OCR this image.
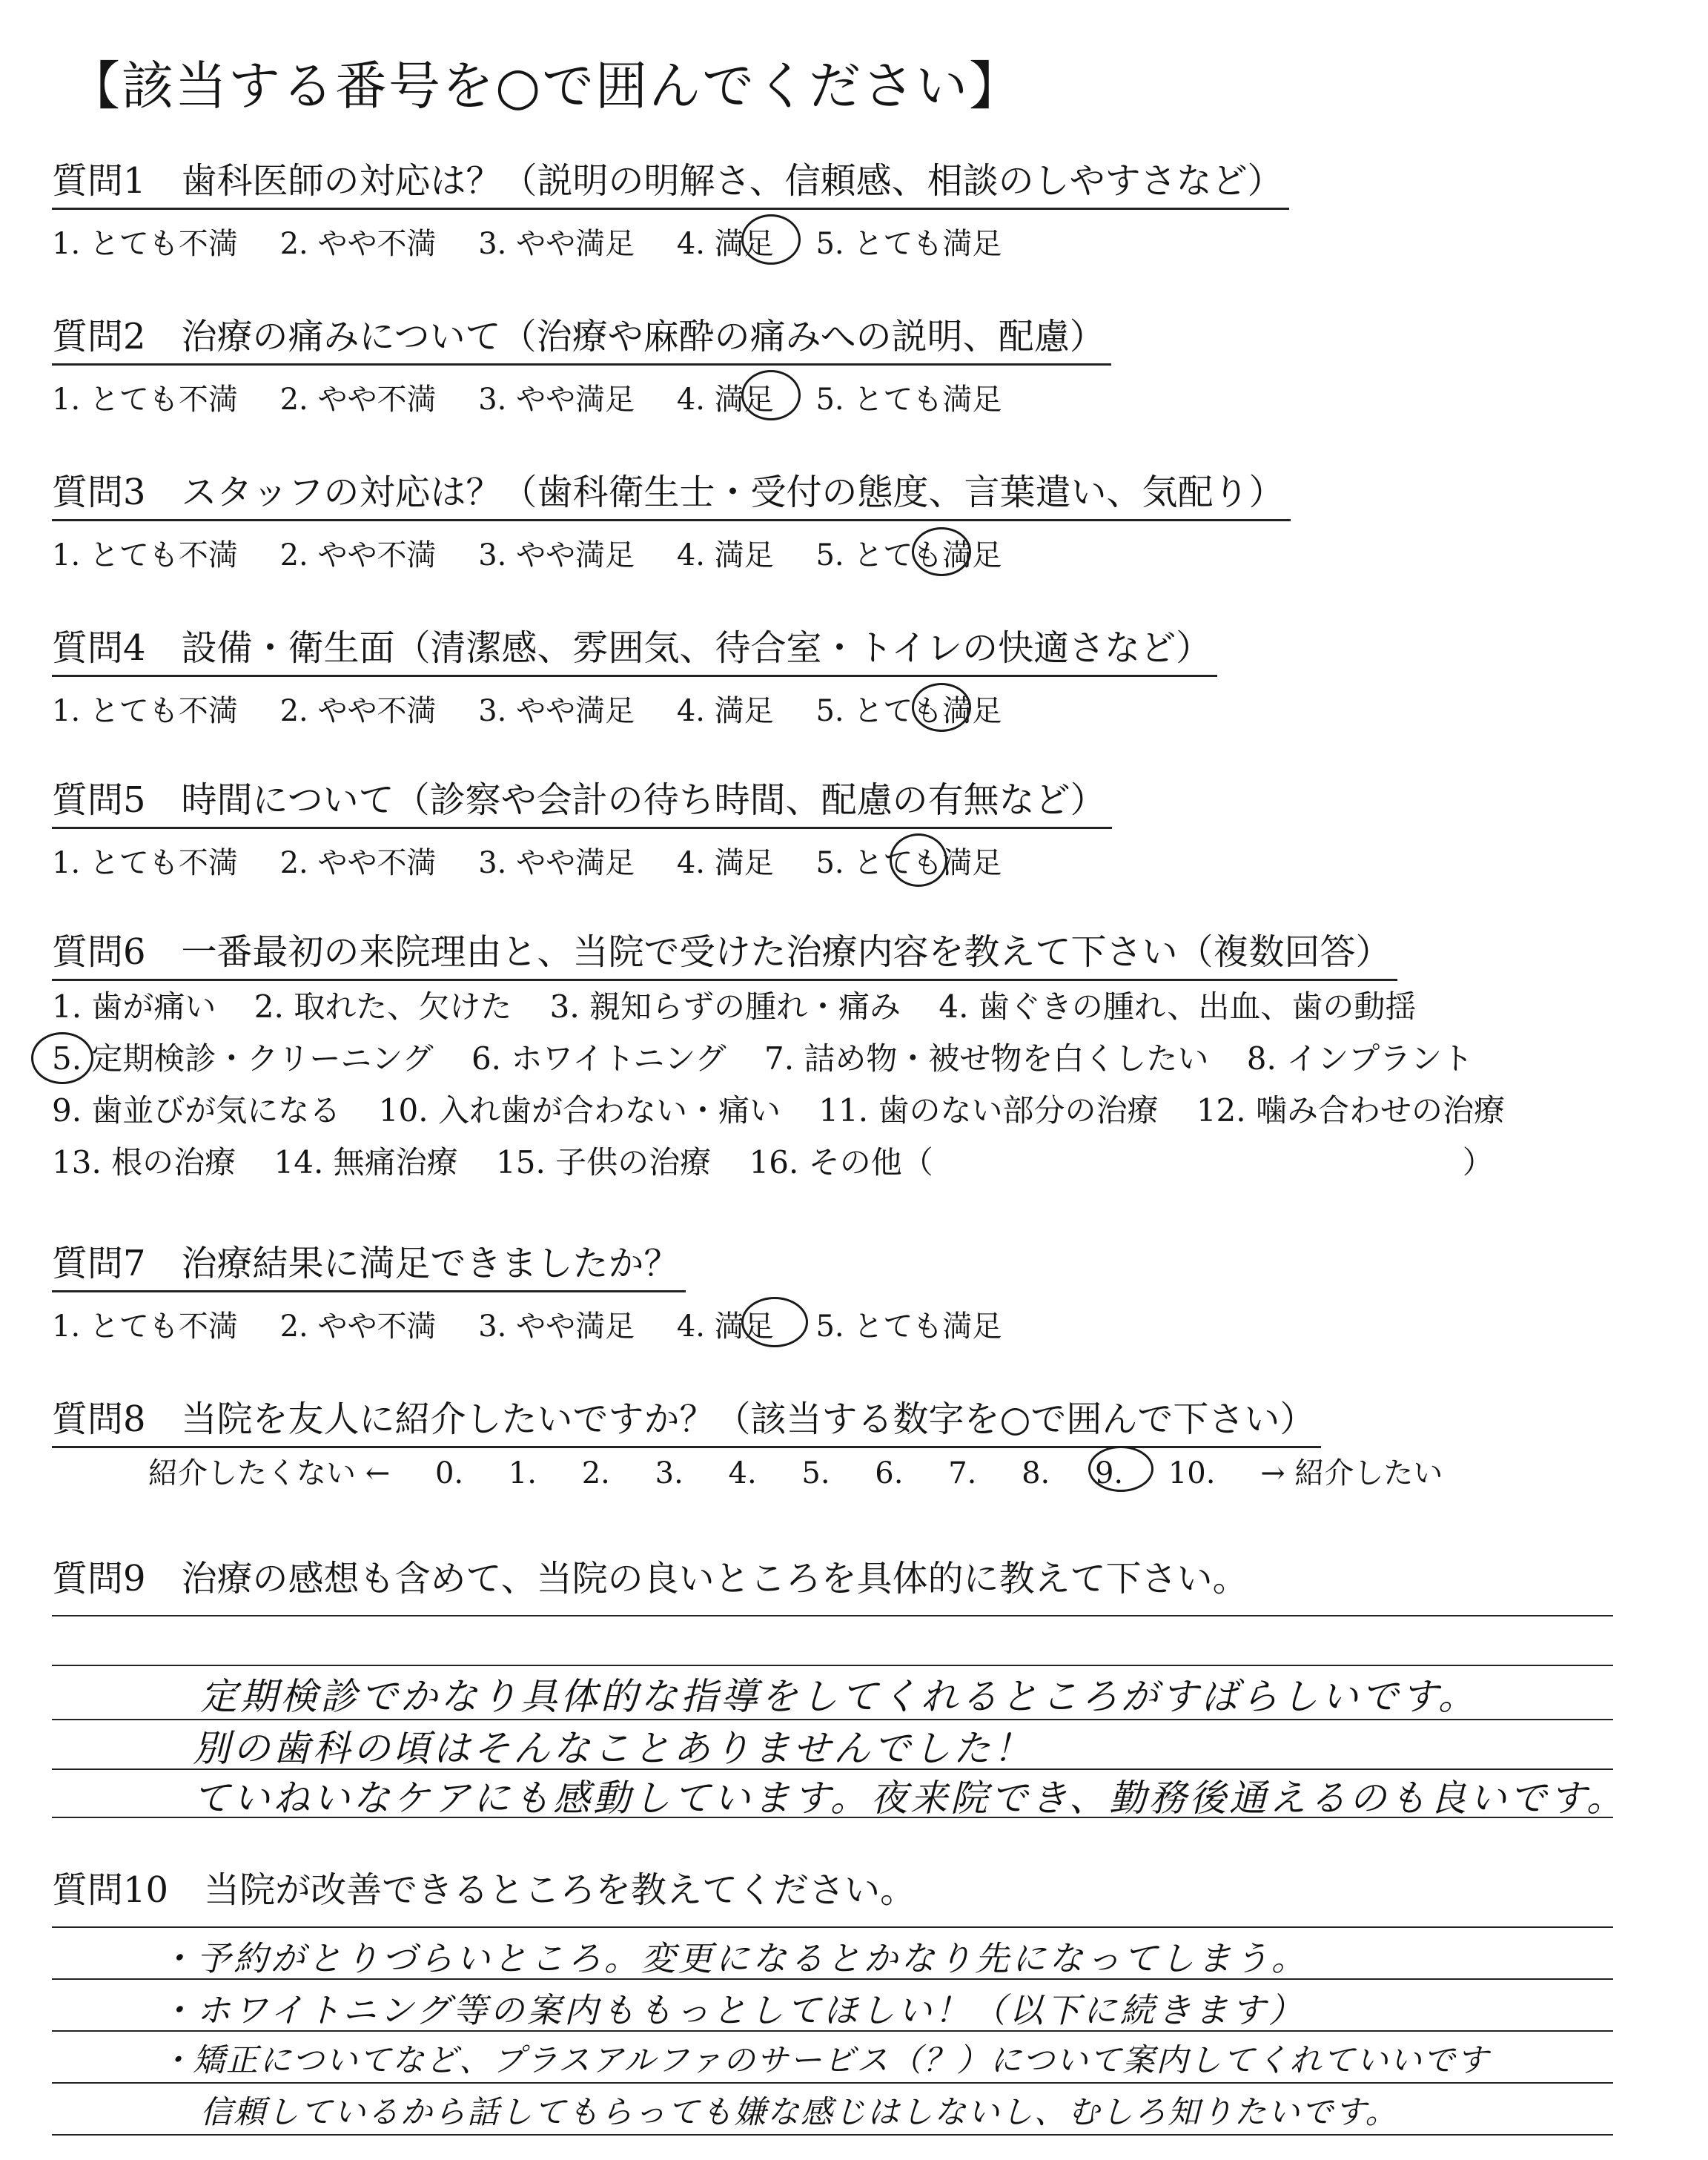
【該当する番号を○で囲んでください】
質問1　歯科医師の対応は？（説明の明解さ、信頼感、相談のしやすさなど）
1. とても不満 2. やや不満 3. やや満足 4. 満足 5. とても満足
質問2　治療の痛みについて（治療や麻酔の痛みへの説明、配慮）
1. とても不満 2. やや不満 3. やや満足 4. 満足 5. とても満足
質問3　スタッフの対応は？（歯科衛生士・受付の態度、言葉遣い、気配り）
1. とても不満 2. やや不満 3. やや満足 4. 満足 5. とても満足
質問4　設備・衛生面（清潔感、雰囲気、待合室・トイレの快適さなど）
1. とても不満 2. やや不満 3. やや満足 4. 満足 5. とても満足
質問5　時間について（診察や会計の待ち時間、配慮の有無など）
1. とても不満 2. やや不満 3. やや満足 4. 満足 5. とても満足
質問6　一番最初の来院理由と、当院で受けた治療内容を教えて下さい（複数回答）
1. 歯が痛い 2. 取れた、欠けた 3. 親知らずの腫れ・痛み 4. 歯ぐきの腫れ、出血、歯の動揺
5. 定期検診・クリーニング 6. ホワイトニング 7. 詰め物・被せ物を白くしたい 8. インプラント
9. 歯並びが気になる 10. 入れ歯が合わない・痛い 11. 歯のない部分の治療 12. 噛み合わせの治療
13. 根の治療 14. 無痛治療 15. 子供の治療 16. その他（　　　　　　　　　　　　　　　　　）
質問7　治療結果に満足できましたか？
1. とても不満 2. やや不満 3. やや満足 4. 満足 5. とても満足
質問8　当院を友人に紹介したいですか？（該当する数字を○で囲んで下さい）
紹介したくない ← 0. 1. 2. 3. 4. 5. 6. 7. 8. 9. 10. → 紹介したい
質問9　治療の感想も含めて、当院の良いところを具体的に教えて下さい。
定期検診でかなり具体的な指導をしてくれるところがすばらしいです。
別の歯科の頃はそんなことありませんでした！
ていねいなケアにも感動しています。夜来院でき、勤務後通えるのも良いです。
質問10　当院が改善できるところを教えてください。
・予約がとりづらいところ。変更になるとかなり先になってしまう。
・ホワイトニング等の案内ももっとしてほしい！（以下に続きます）
・矯正についてなど、プラスアルファのサービス（？）について案内してくれていいです
信頼しているから話してもらっても嫌な感じはしないし、むしろ知りたいです。
